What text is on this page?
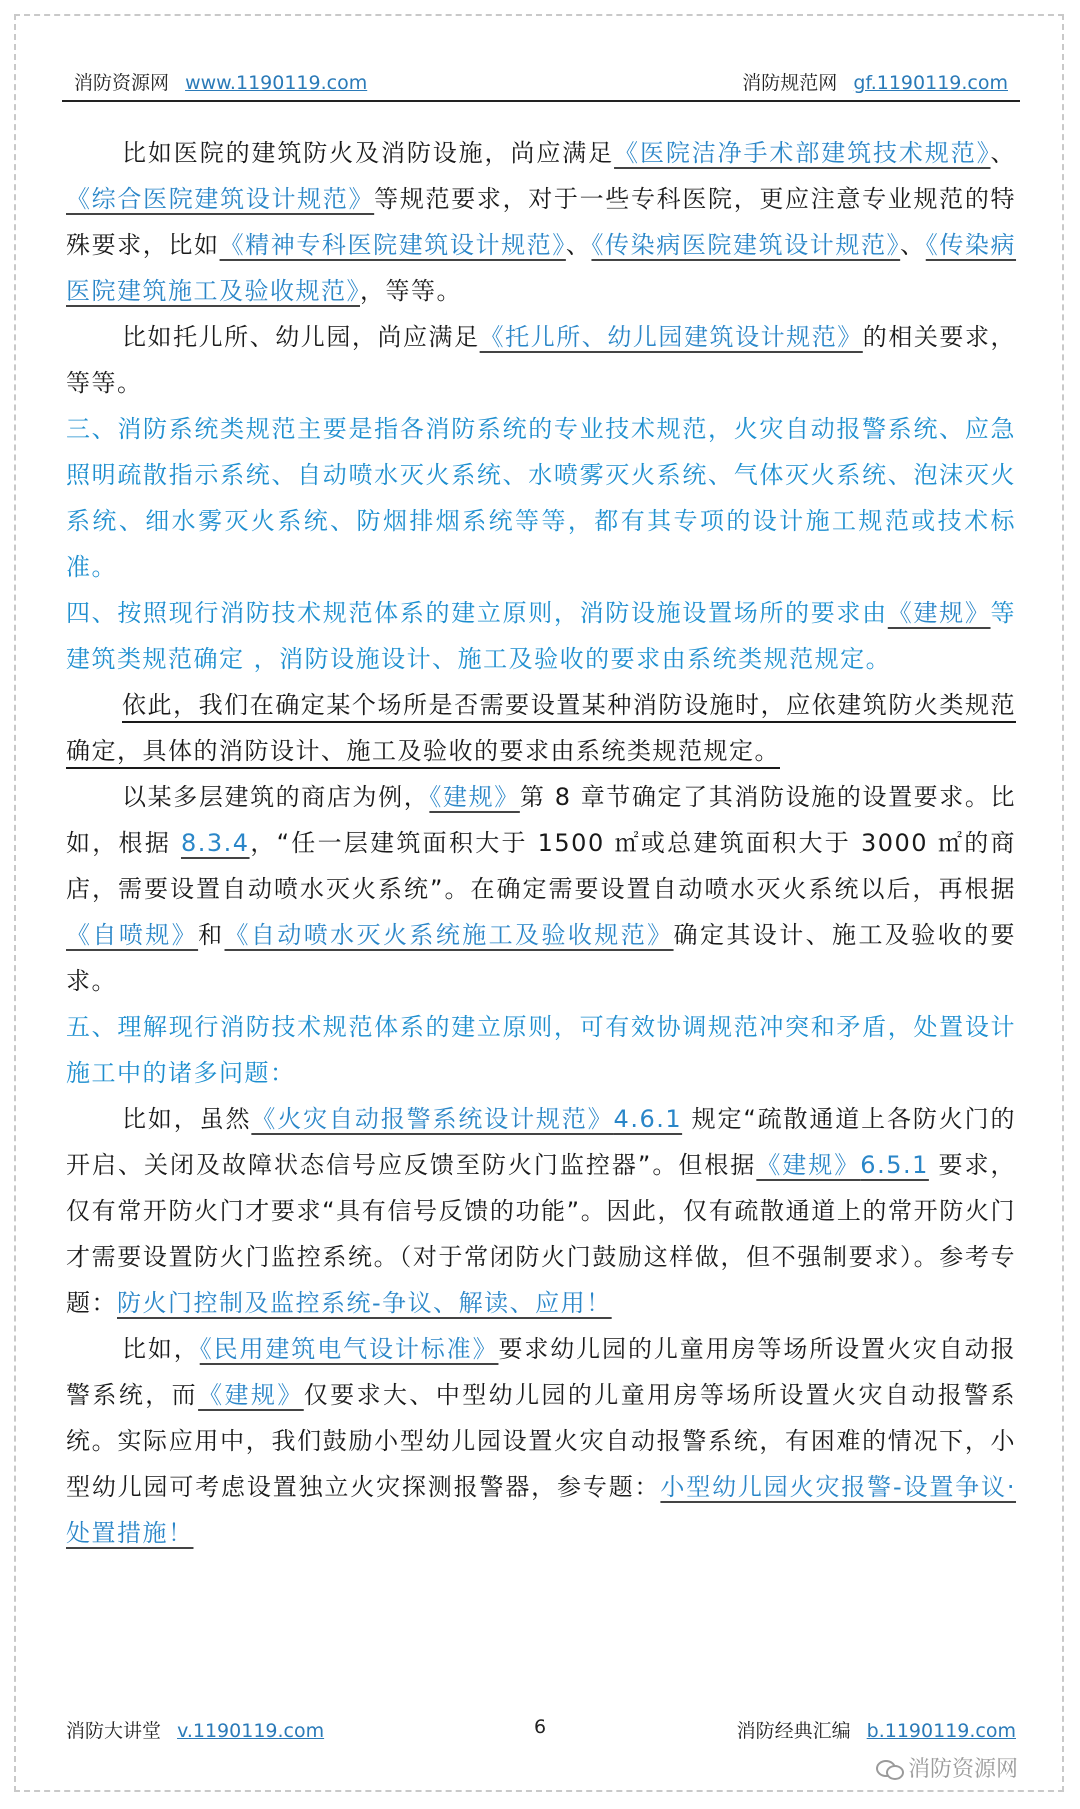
消防资源网 www.1190119.com	消防规范网 gf.1190119.com

比如医院的建筑防火及消防设施，尚应满足《医院洁净手术部建筑技术规范》、《综合医院建筑设计规范》等规范要求，对于一些专科医院，更应注意专业规范的特殊要求，比如《精神专科医院建筑设计规范》、《传染病医院建筑设计规范》、《传染病医院建筑施工及验收规范》，等等。

比如托儿所、幼儿园，尚应满足《托儿所、幼儿园建筑设计规范》的相关要求，等等。

三、消防系统类规范主要是指各消防系统的专业技术规范，火灾自动报警系统、应急照明疏散指示系统、自动喷水灭火系统、水喷雾灭火系统、气体灭火系统、泡沫灭火系统、细水雾灭火系统、防烟排烟系统等等，都有其专项的设计施工规范或技术标准。

四、按照现行消防技术规范体系的建立原则，消防设施设置场所的要求由《建规》等建筑类规范确定 ，消防设施设计、施工及验收的要求由系统类规范规定。

依此，我们在确定某个场所是否需要设置某种消防设施时，应依建筑防火类规范确定，具体的消防设计、施工及验收的要求由系统类规范规定。

以某多层建筑的商店为例，《建规》第 8 章节确定了其消防设施的设置要求。比如，根据 8.3.4，“任一层建筑面积大于 1500 ㎡或总建筑面积大于 3000 ㎡的商店，需要设置自动喷水灭火系统”。在确定需要设置自动喷水灭火系统以后，再根据《自喷规》和《自动喷水灭火系统施工及验收规范》确定其设计、施工及验收的要求。

五、理解现行消防技术规范体系的建立原则，可有效协调规范冲突和矛盾，处置设计施工中的诸多问题：

比如，虽然《火灾自动报警系统设计规范》4.6.1 规定“疏散通道上各防火门的开启、关闭及故障状态信号应反馈至防火门监控器”。但根据《建规》6.5.1 要求，仅有常开防火门才要求“具有信号反馈的功能”。因此，仅有疏散通道上的常开防火门才需要设置防火门监控系统。（对于常闭防火门鼓励这样做，但不强制要求）。参考专题：防火门控制及监控系统-争议、解读、应用！

比如，《民用建筑电气设计标准》要求幼儿园的儿童用房等场所设置火灾自动报警系统，而《建规》仅要求大、中型幼儿园的儿童用房等场所设置火灾自动报警系统。实际应用中，我们鼓励小型幼儿园设置火灾自动报警系统，有困难的情况下，小型幼儿园可考虑设置独立火灾探测报警器，参专题：小型幼儿园火灾报警-设置争议·处置措施！

消防大讲堂 v.1190119.com	6	消防经典汇编 b.1190119.com
消防资源网
